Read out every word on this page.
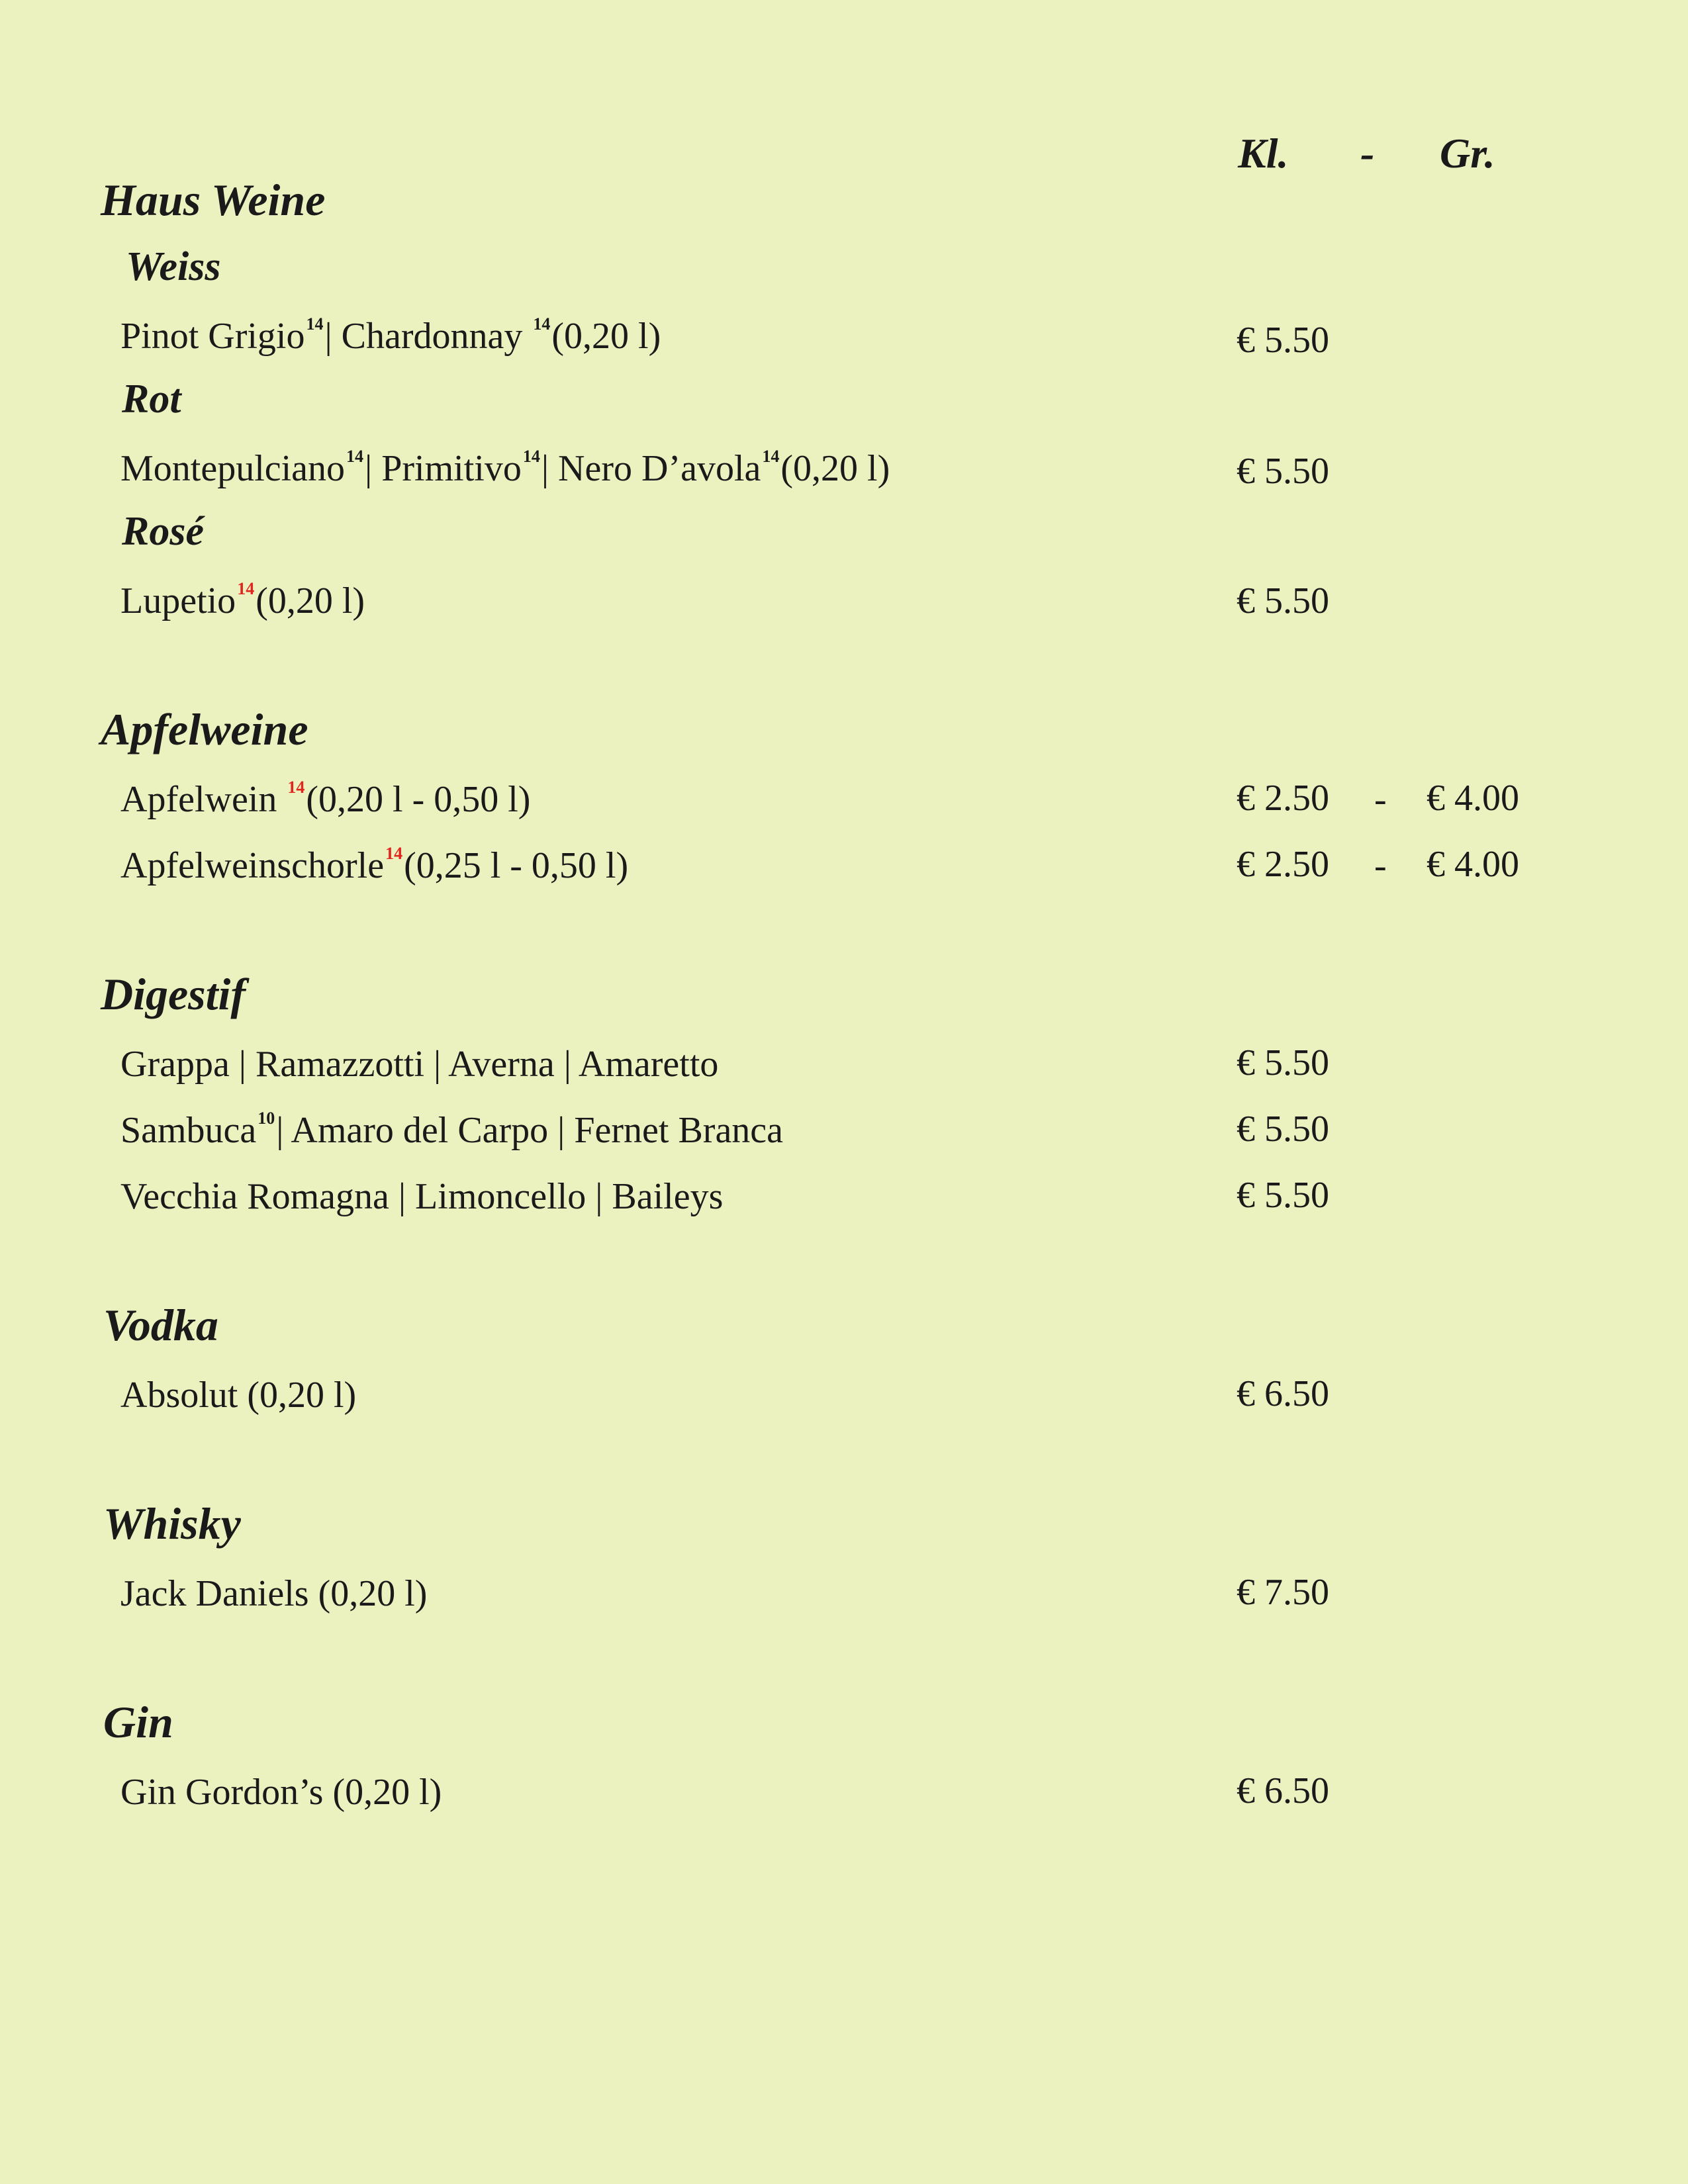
Kl. - Gr.
Haus Weine
Weiss
Pinot Grigio$^{14}$| Chardonnay $^{14}$(0,20 l)	€ 5.50
Rot
Montepulciano$^{14}$| Primitivo$^{14}$| Nero D’avola$^{14}$(0,20 l)	€ 5.50
Rosé
Lupetio$^{14}$(0,20 l)	€ 5.50
Apfelweine
Apfelwein $^{14}$(0,20 l - 0,50 l)	€ 2.50 - € 4.00
Apfelweinschorle$^{14}$(0,25 l - 0,50 l)	€ 2.50 - € 4.00
Digestif
Grappa | Ramazzotti | Averna | Amaretto	€ 5.50
Sambuca$^{10}$| Amaro del Carpo | Fernet Branca	€ 5.50
Vecchia Romagna | Limoncello | Baileys	€ 5.50
Vodka
Absolut (0,20 l)	€ 6.50
Whisky
Jack Daniels (0,20 l)	€ 7.50
Gin
Gin Gordon’s (0,20 l)	€ 6.50
